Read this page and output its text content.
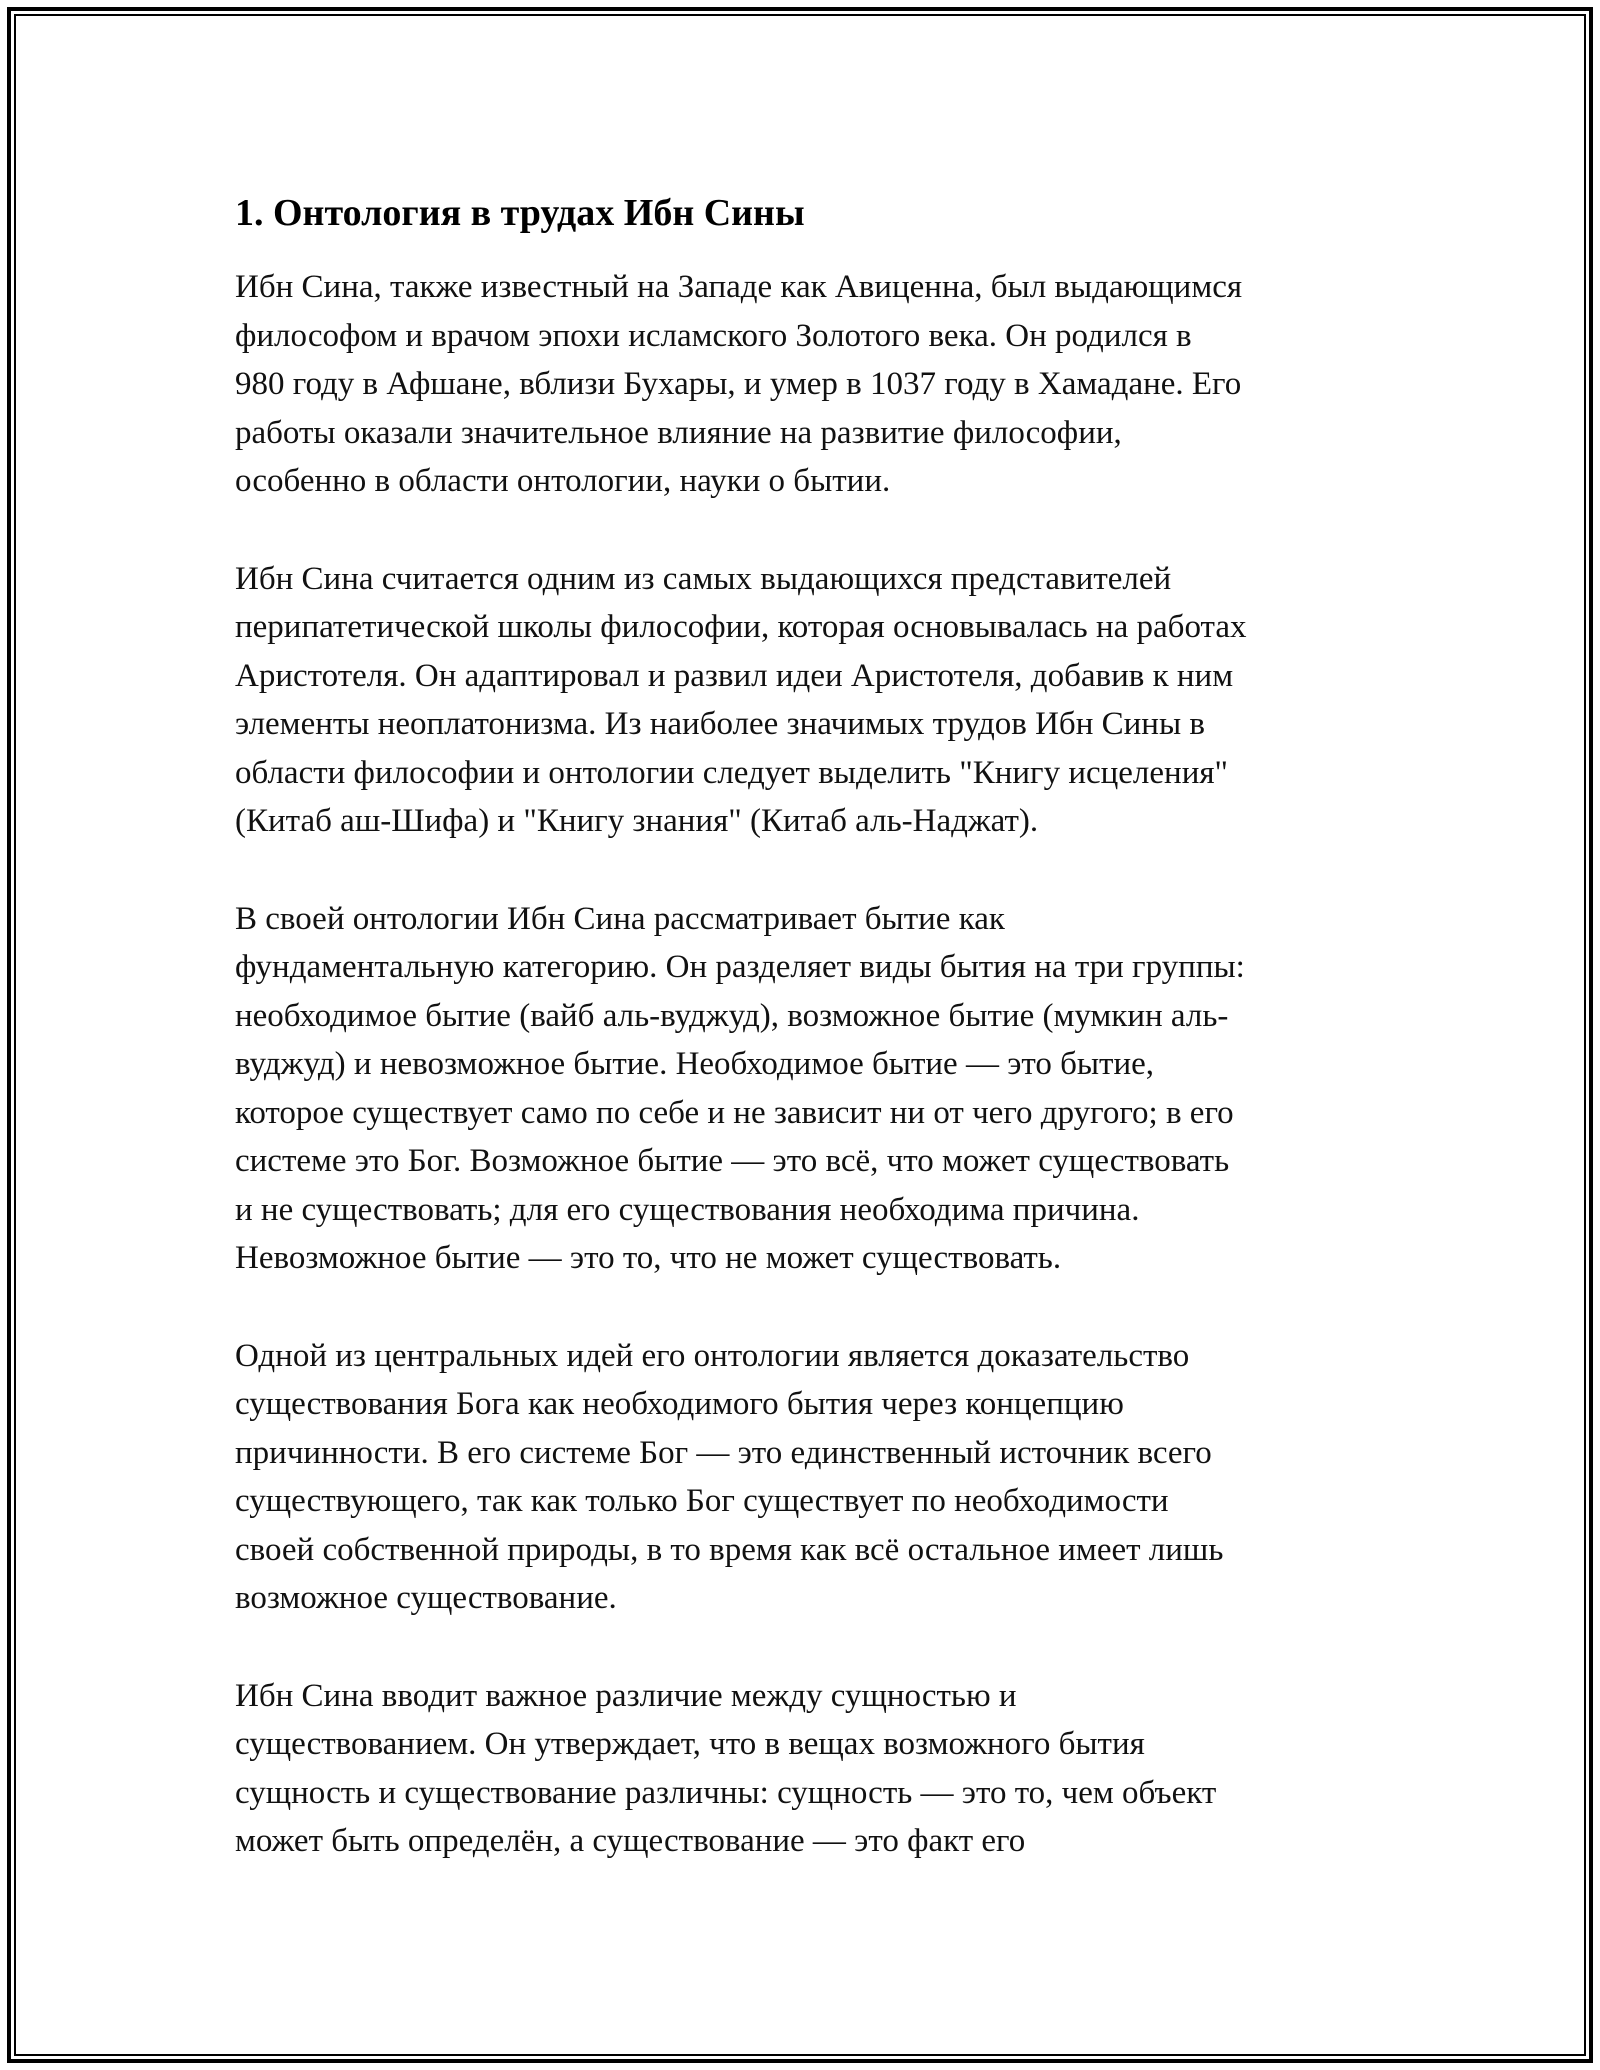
1. Онтология в трудах Ибн Сины

Ибн Сина, также известный на Западе как Авиценна, был выдающимся
философом и врачом эпохи исламского Золотого века. Он родился в
980 году в Афшане, вблизи Бухары, и умер в 1037 году в Хамадане. Его
работы оказали значительное влияние на развитие философии,
особенно в области онтологии, науки о бытии.

Ибн Сина считается одним из самых выдающихся представителей
перипатетической школы философии, которая основывалась на работах
Аристотеля. Он адаптировал и развил идеи Аристотеля, добавив к ним
элементы неоплатонизма. Из наиболее значимых трудов Ибн Сины в
области философии и онтологии следует выделить "Книгу исцеления"
(Китаб аш-Шифа) и "Книгу знания" (Китаб аль-Наджат).

В своей онтологии Ибн Сина рассматривает бытие как
фундаментальную категорию. Он разделяет виды бытия на три группы:
необходимое бытие (вайб аль-вуджуд), возможное бытие (мумкин аль-
вуджуд) и невозможное бытие. Необходимое бытие — это бытие,
которое существует само по себе и не зависит ни от чего другого; в его
системе это Бог. Возможное бытие — это всё, что может существовать
и не существовать; для его существования необходима причина.
Невозможное бытие — это то, что не может существовать.

Одной из центральных идей его онтологии является доказательство
существования Бога как необходимого бытия через концепцию
причинности. В его системе Бог — это единственный источник всего
существующего, так как только Бог существует по необходимости
своей собственной природы, в то время как всё остальное имеет лишь
возможное существование.

Ибн Сина вводит важное различие между сущностью и
существованием. Он утверждает, что в вещах возможного бытия
сущность и существование различны: сущность — это то, чем объект
может быть определён, а существование — это факт его
